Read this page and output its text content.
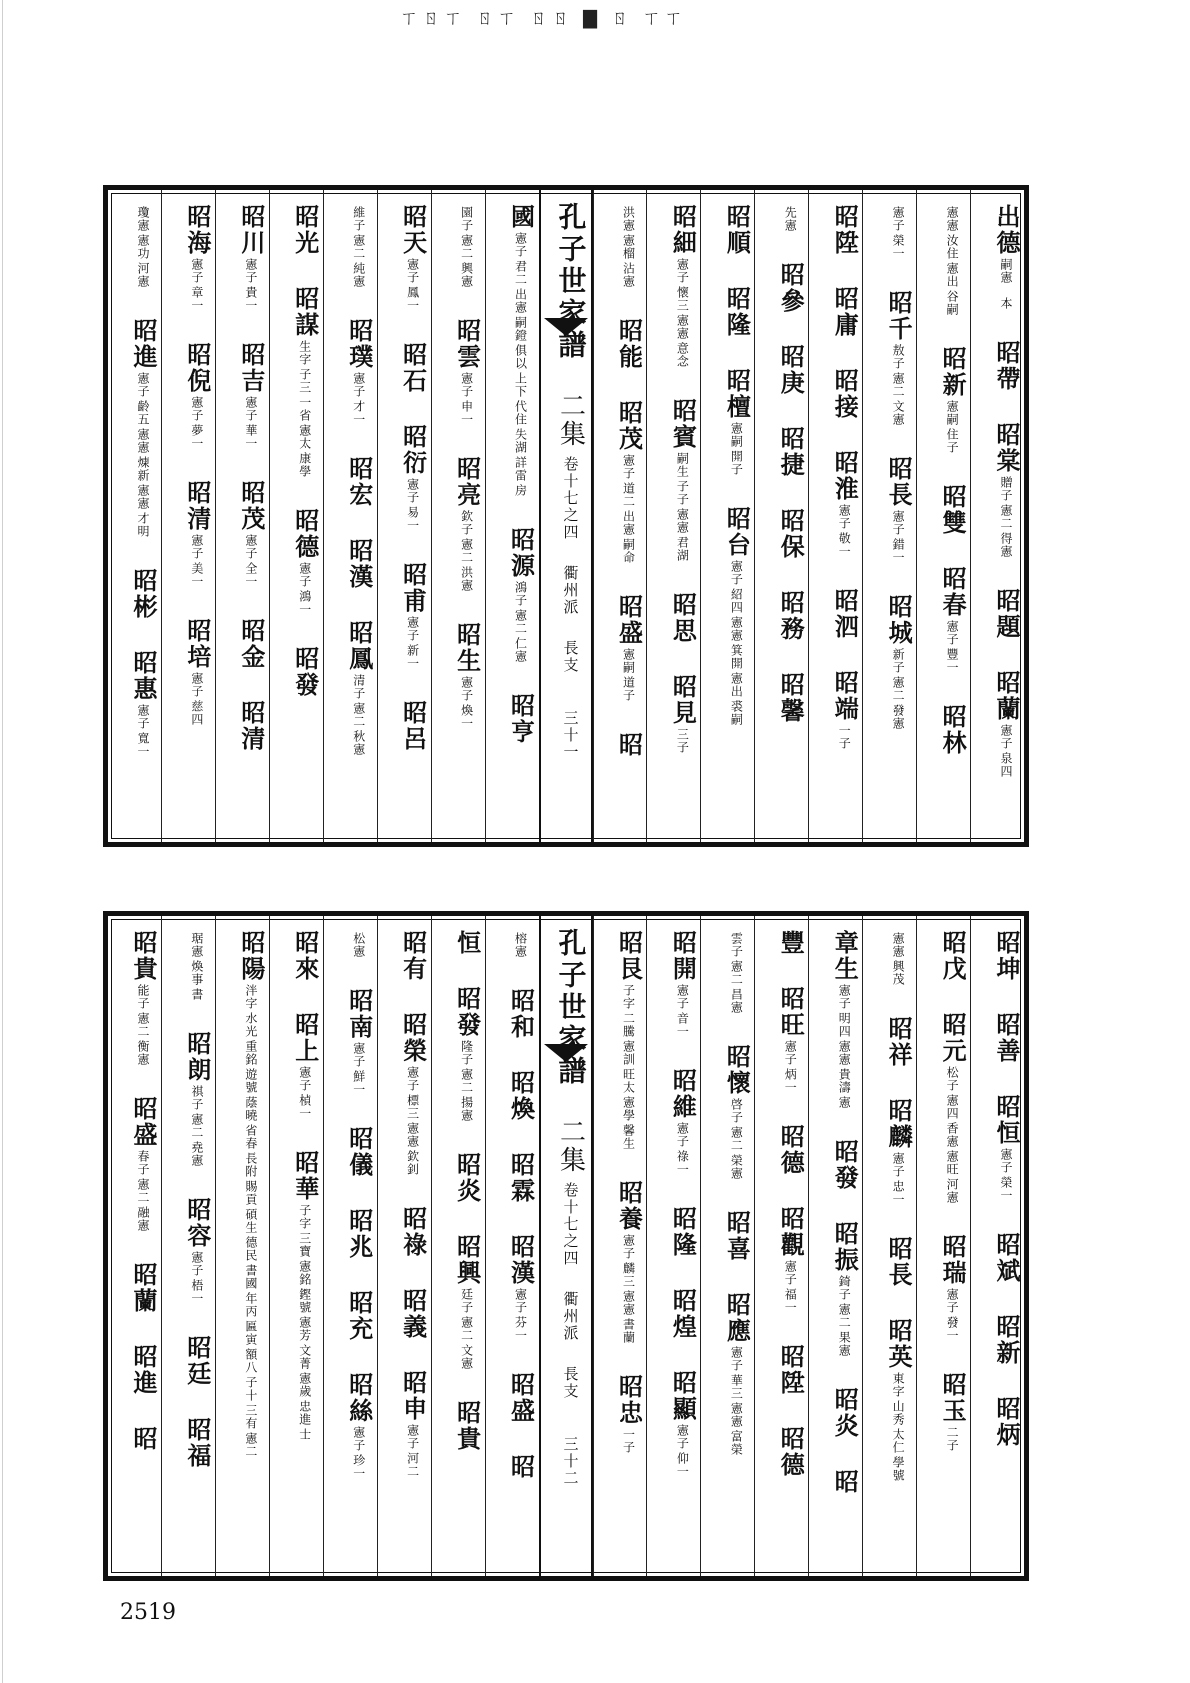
ㄒㄖㄒ ㄖㄒ ㄖㄖ ▇ ㄖ ㄒㄒ
出德嗣憲　本昭帶昭棠贈子憲二得憲昭題昭蘭憲子泉四
憲憲汝住憲出谷嗣昭新憲嗣住子昭雙昭春憲子豐一昭林
憲子榮一昭千敖子憲二文憲昭長憲子錯一昭城新子憲二發憲
昭陞昭庸昭接昭淮憲子敬一昭泗昭端一子
先憲昭參昭庚昭捷昭保昭務昭馨
昭順昭隆昭檀憲嗣開子昭台憲子紹四憲憲箕開憲出裘嗣
昭細憲子懷三憲憲意念昭賓嗣生子子憲憲君湖昭思昭見三子
洪憲憲榴沾憲昭能昭茂憲子道二出憲嗣命昭盛憲嗣道子昭
孔子世家譜二集卷十七之四　衢州派　長支　三十一
國憲子君二出憲嗣鐙俱以上下代住失湖詳雷房昭源鴻子憲二仁憲昭亨
園子憲二興憲昭雲憲子申一昭亮欽子憲二洪憲昭生憲子煥一
昭天憲子鳳一昭石昭衍憲子易一昭甫憲子新一昭呂
維子憲二純憲昭璞憲子才一昭宏昭漢昭鳳清子憲二秋憲
昭光昭謀生字子三一省憲太康學昭德憲子鴻一昭發
昭川憲子貴一昭吉憲子華一昭茂憲子全一昭金昭清
昭海憲子章一昭倪憲子夢一昭清憲子美一昭培憲子慈四
瓊憲憲功河憲昭進憲子齡五憲憲煉新憲憲才明昭彬昭惠憲子寬一
昭坤昭善昭恒憲子榮一昭斌昭新昭炳
昭戊昭元松子憲四香憲憲旺河憲昭瑞憲子發一昭玉二子
憲憲興茂昭祥昭麟憲子忠一昭長昭英東字山秀太仁學號
章生憲子明四憲憲貴濤憲昭發昭振錡子憲二果憲昭炎昭
豐昭旺憲子炳一昭德昭觀憲子福一昭陞昭德
雲子憲二昌憲昭懷啓子憲二榮憲昭喜昭應憲子華三憲憲富榮
昭開憲子音一昭維憲子祿一昭隆昭煌昭顯憲子仰一
昭艮子字二騰憲訓旺太憲學馨生昭養憲子麟三憲憲書蘭昭忠一子
孔子世家譜二集卷十七之四　衢州派　長支　三十二
榕憲昭和昭煥昭霖昭漢憲子芬一昭盛昭
恒昭發隆子憲二揚憲昭炎昭興廷子憲二文憲昭貴
昭有昭榮憲子標三憲憲欽釗昭祿昭義昭申憲子河二
松憲昭南憲子鮮一昭儀昭兆昭充昭絲憲子珍一
昭來昭上憲子楨一昭華子字三寶憲銘鏗號憲芳文菁憲歲忠進士
昭陽泮字水光重銘遊號蔭曉省春長附賜貢碩生德民書國年丙匾寅額八子十三有憲二
琚憲煥事書昭朗祺子憲二堯憲昭容憲子梧一昭廷昭福
昭貴能子憲二衡憲昭盛春子憲二融憲昭蘭昭進昭
2519
